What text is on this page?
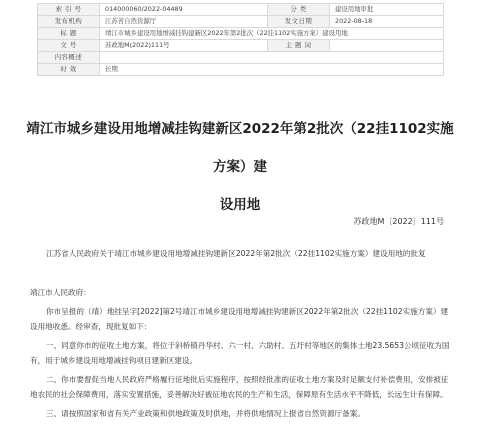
索 引 号	014000060/2022-04489	分 类	建设用地审批
发布机构	江苏省自然资源厅	发文日期	2022-08-18
标 题	靖江市城乡建设用地增减挂钩建新区2022年第2批次（22挂1102实施方案）建设用地		
文 号	苏政地M(2022)111号	主 题 词	
内容概述			
时 效	长期		
靖江市城乡建设用地增减挂钩建新区2022年第2批次（22挂1102实施方案）建
设用地
苏政地M〔2022〕111号
江苏省人民政府关于靖江市城乡建设用地增减挂钩建新区2022年第2批次（22挂1102实施方案）建设用地的批复

靖江市人民政府：

你市呈报的（靖）地挂呈字[2022]第2号靖江市城乡建设用地增减挂钩建新区2022年第2批次（22挂1102实施方案）建设用地收悉。经审查，现批复如下：

一、同意你市的征收土地方案，将位于斜桥镇丹华村、六一村、六助村、五圩村等地区的集体土地23.5653公顷征收为国有，用于城乡建设用地增减挂钩项目建新区建设。

二、你市要督促当地人民政府严格履行征地批后实施程序，按照经批准的征收土地方案及时足额支付补偿费用，安排被征地农民的社会保障费用，落实安置措施，妥善解决好被征地农民的生产和生活，保障原有生活水平不降低，长远生计有保障。

三、请按照国家和省有关产业政策和供地政策及时供地，并将供地情况上报省自然资源厅备案。
